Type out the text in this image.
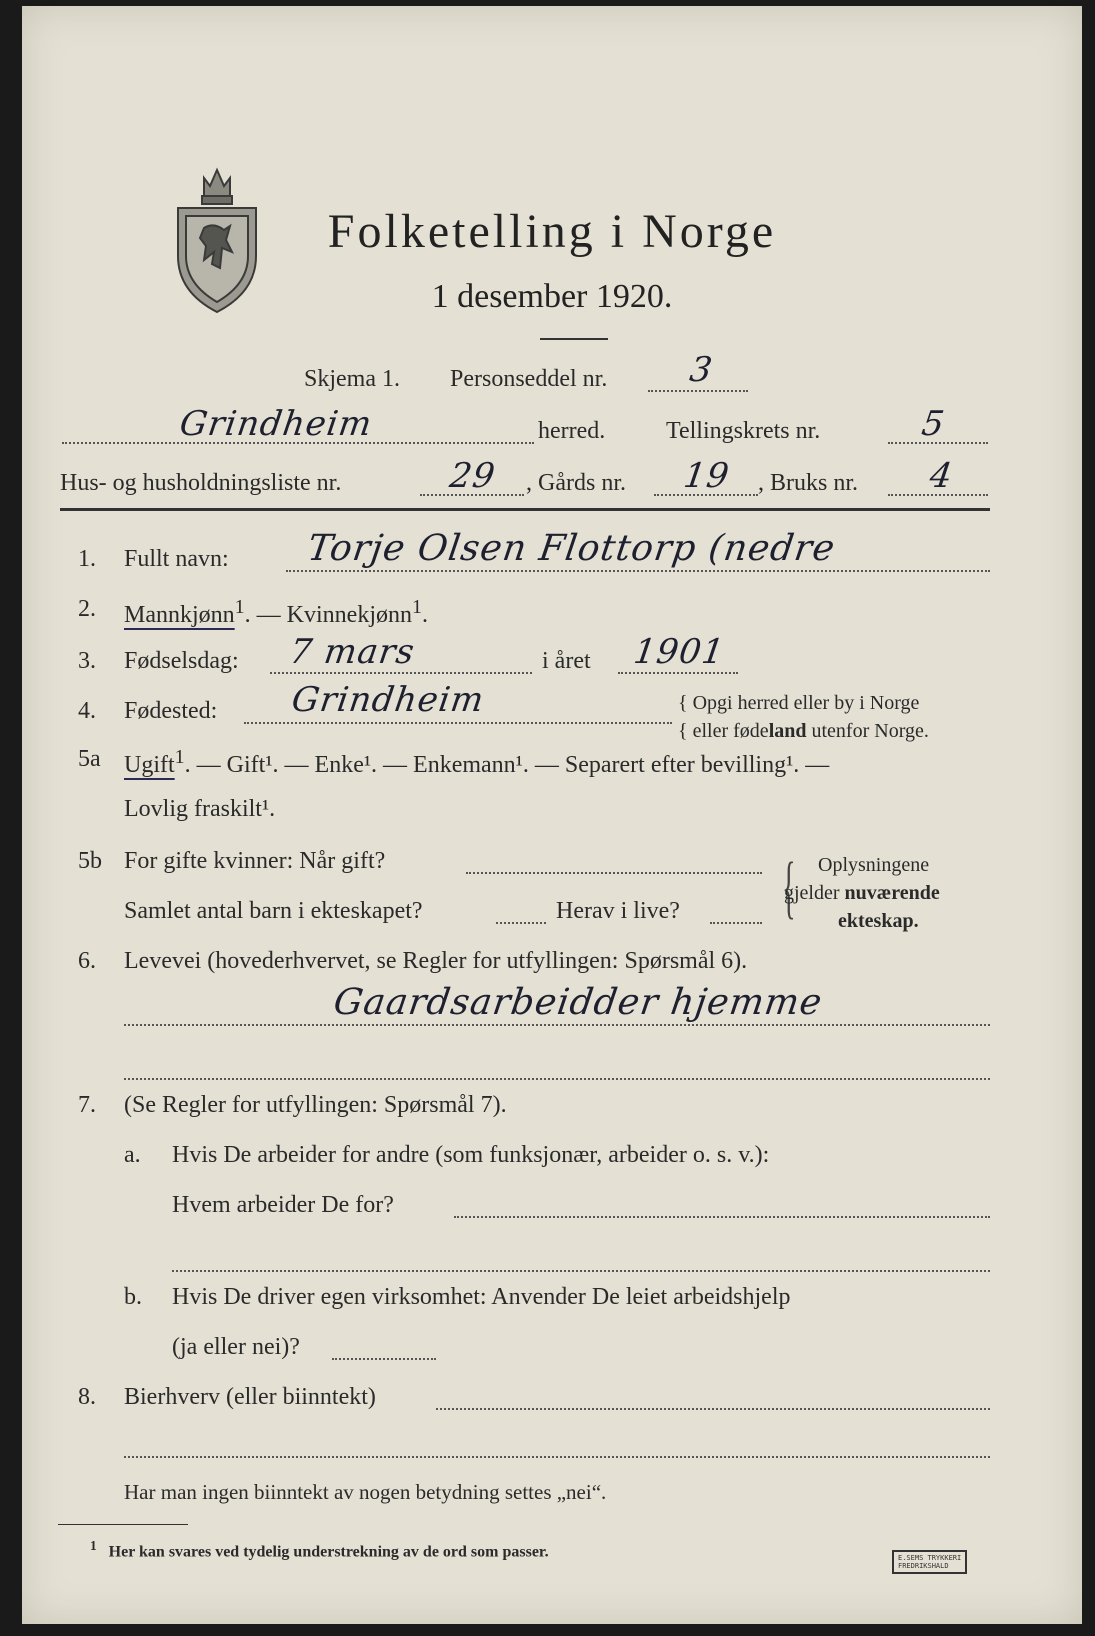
Folketelling i Norge
1 desember 1920.
Skjema 1. Personseddel nr. 3
Grindheim	herred.	Tellingskrets nr.	5
Hus- og husholdningsliste nr.	29 , Gårds nr. 19 , Bruks nr. 4
1. Fullt navn: Torje Olsen Flottorp (nedre
2. Mannkjønn$^1$. — Kvinnekjønn$^1$.
3. Fødselsdag: 7 mars	i året 1901
4. Fødested: Grindheim	{ Opgi herred eller by i Norge
{ eller fødeland utenfor Norge.
5a Ugift$^1$. — Gift¹. — Enke¹. — Enkemann¹. — Separert efter bevilling¹. —
Lovlig fraskilt¹.
5b For gifte kvinner: Når gift?
Samlet antal barn i ekteskapet?	Herav i live? { Oplysningene
gjelder nuværende
ekteskap.
6. Levevei (hovederhvervet, se Regler for utfyllingen: Spørsmål 6).
Gaardsarbeidder hjemme
7. (Se Regler for utfyllingen: Spørsmål 7).
a. Hvis De arbeider for andre (som funksjonær, arbeider o. s. v.):
Hvem arbeider De for?
b. Hvis De driver egen virksomhet: Anvender De leiet arbeidshjelp
(ja eller nei)?
8. Bierhverv (eller biinntekt)
Har man ingen biinntekt av nogen betydning settes „nei“.
$^1$ Her kan svares ved tydelig understrekning av de ord som passer.	E.SEMS TRYKKERI
FREDRIKSHALD
